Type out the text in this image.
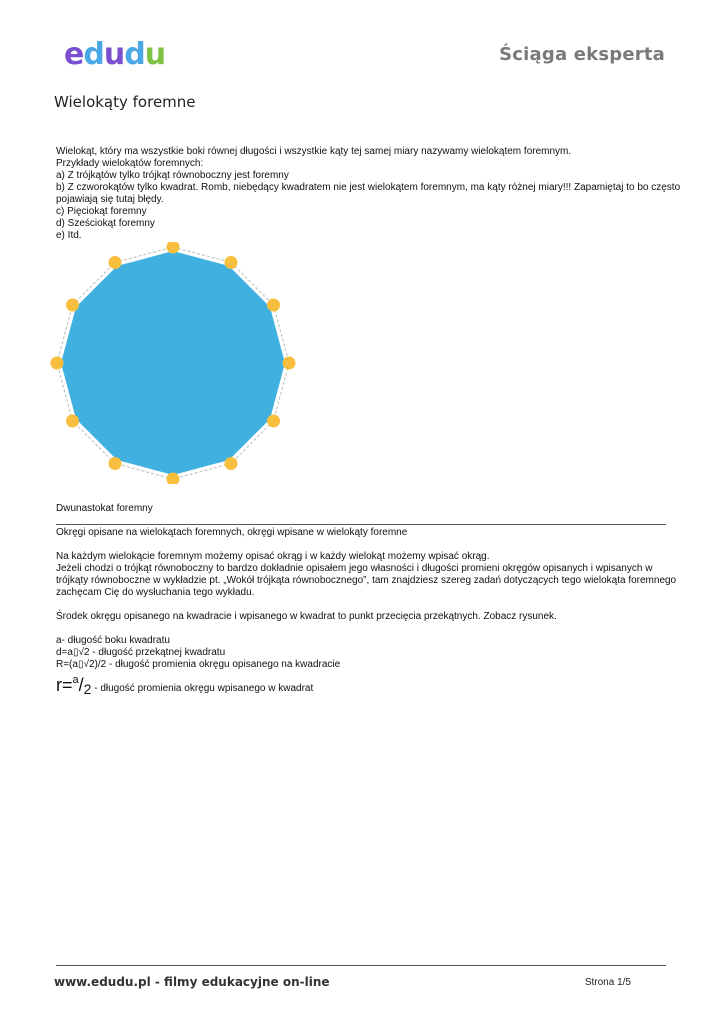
edudu	Ściąga eksperta
Wielokąty foremne
Wielokąt, który ma wszystkie boki równej długości i wszystkie kąty tej samej miary nazywamy wielokątem foremnym.
Przykłady wielokątów foremnych:
a) Z trójkątów tylko trójkąt równoboczny jest foremny
b) Z czworokątów tylko kwadrat. Romb, niebędący kwadratem nie jest wielokątem foremnym, ma kąty różnej miary!!! Zapamiętaj to bo często
pojawiają się tutaj błędy.
c) Pięciokąt foremny
d) Sześciokąt foremny
e) Itd.
Dwunastokat foremny
Okręgi opisane na wielokątach foremnych, okręgi wpisane w wielokąty foremne
Na każdym wielokącie foremnym możemy opisać okrąg i w każdy wielokąt możemy wpisać okrąg.
Jeżeli chodzi o trójkąt równoboczny to bardzo dokładnie opisałem jego własności i długości promieni okręgów opisanych i wpisanych w
trójkąty równoboczne w wykładzie pt. „Wokół trójkąta równobocznego”, tam znajdziesz szereg zadań dotyczących tego wielokąta foremnego
zachęcam Cię do wysłuchania tego wykładu.
Środek okręgu opisanego na kwadracie i wpisanego w kwadrat to punkt przecięcia przekątnych. Zobacz rysunek.
a- długość boku kwadratu
d=a▯√2 - długość przekątnej kwadratu
R=(a▯√2)/2 - długość promienia okręgu opisanego na kwadracie
$r=^a/_2$ - długość promienia okręgu wpisanego w kwadrat
www.edudu.pl - filmy edukacyjne on-line	Strona 1/5
